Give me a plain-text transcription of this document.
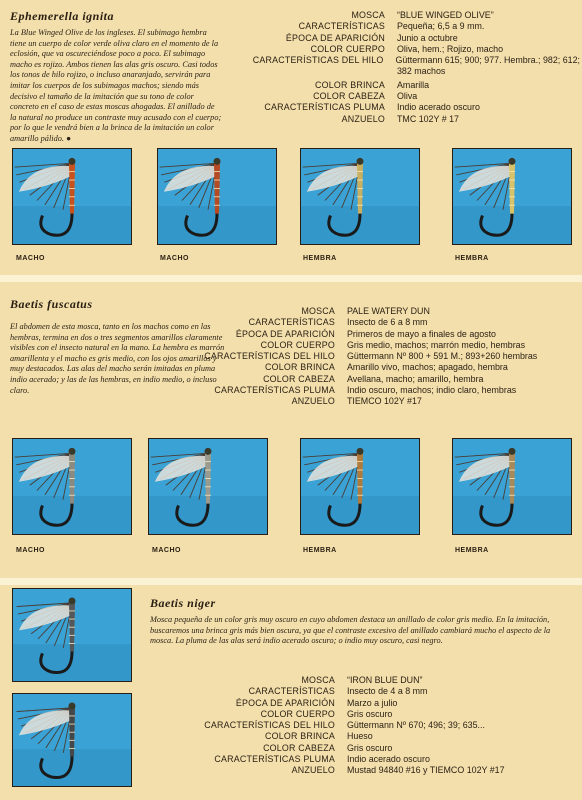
Ephemerella ignita

La Blue Winged Olive de los ingleses. El subimago hembra tiene un cuerpo de color verde oliva claro en el momento de la eclosión, que va oscureciéndose poco a poco. El subimago macho es rojizo. Ambos tienen las alas gris oscuro. Casi todos los tonos de hilo rojizo, o incluso anaranjado, servirán para imitar los cuerpos de los subimagos machos; siendo más decisivo el tamaño de la imitación que su tono de color concreto en el caso de estas moscas ahogadas. El anillado de la natural no produce un contraste muy acusado con el cuerpo; por lo que le vendrá bien a la brinca de la imitación un color amarillo pálido. ●

MOSCA	“BLUE WINGED OLIVE”
CARACTERÍSTICAS	Pequeña; 6,5 a 9 mm.
ÉPOCA DE APARICIÓN	Junio a octubre
COLOR CUERPO	Oliva, hem.; Rojizo, macho
CARACTERÍSTICAS DEL HILO	Güttermann 615; 900; 977. Hembra.; 982; 612;
382 machos
COLOR BRINCA	Amarilla
COLOR CABEZA	Oliva
CARACTERÍSTICAS PLUMA	Indio acerado oscuro
ANZUELO	TMC 102Y # 17
MACHO	MACHO	HEMBRA	HEMBRA
Baetis fuscatus

El abdomen de esta mosca, tanto en los machos como en las hembras, termina en dos o tres segmentos amarillos claramente visibles con el insecto natural en la mano. La hembra es marrón amarillenta y el macho es gris medio, con los ojos amarillos y muy destacados. Las alas del macho serán imitadas en pluma indio acerado; y las de las hembras, en indio medio, o incluso claro.

MOSCA	PALE WATERY DUN
CARACTERÍSTICAS	Insecto de 6 a 8 mm
ÉPOCA DE APARICIÓN	Primeros de mayo a finales de agosto
COLOR CUERPO	Gris medio, machos; marrón medio, hembras
CARACTERÍSTICAS DEL HILO	Güttermann Nº 800 + 591 M.; 893+260 hembras
COLOR BRINCA	Amarillo vivo, machos; apagado, hembra
COLOR CABEZA	Avellana, macho; amarillo, hembra
CARACTERÍSTICAS PLUMA	Indio oscuro, machos; indio claro, hembras
ANZUELO	TIEMCO 102Y #17
MACHO	MACHO	HEMBRA	HEMBRA
Baetis niger

Mosca pequeña de un color gris muy oscuro en cuyo abdomen destaca un anillado de color gris medio. En la imitación, buscaremos una brinca gris más bien oscura, ya que el contraste excesivo del anillado cambiará mucho el aspecto de la mosca. La pluma de las alas será indio acerado oscuro; o indio muy oscuro, casi negro.

MOSCA	“IRON BLUE DUN”
CARACTERÍSTICAS	Insecto de 4 a 8 mm
ÉPOCA DE APARICIÓN	Marzo a julio
COLOR CUERPO	Gris oscuro
CARACTERÍSTICAS DEL HILO	Güttermann Nº 670; 496; 39; 635...
COLOR BRINCA	Hueso
COLOR CABEZA	Gris oscuro
CARACTERÍSTICAS PLUMA	Indio acerado oscuro
ANZUELO	Mustad 94840 #16 y TIEMCO 102Y #17
